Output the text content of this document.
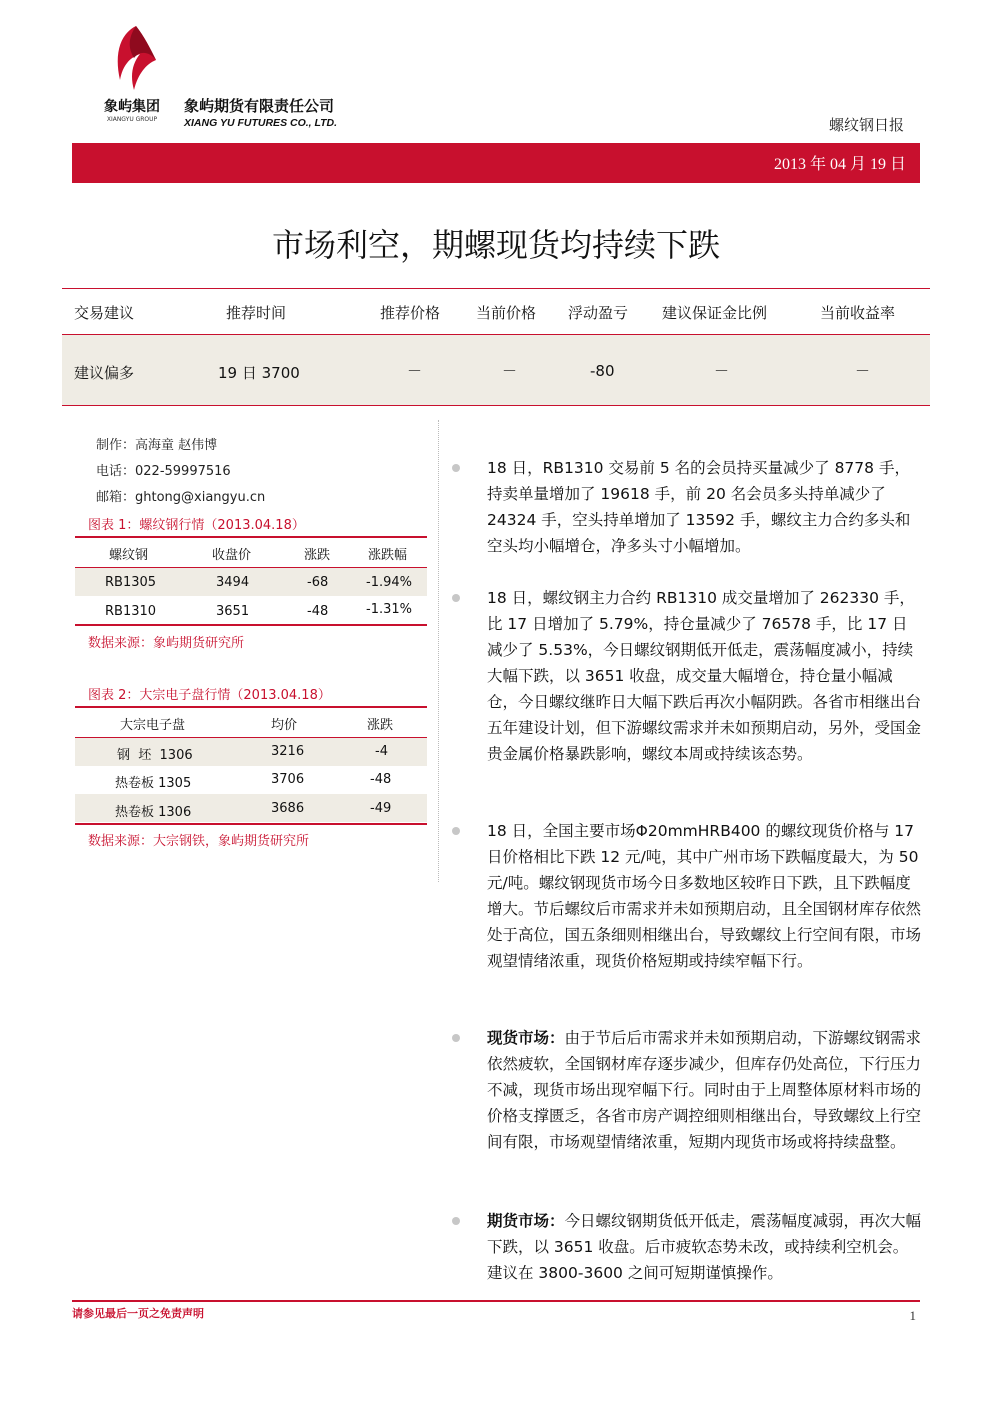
象屿集团
XIANGYU GROUP
象屿期货有限责任公司
XIANG YU FUTURES CO., LTD.	螺纹钢日报
2013 年 04 月 19 日
市场利空，期螺现货均持续下跌
交易建议	推荐时间	推荐价格 当前价格 浮动盈亏 建议保证金比例	当前收益率
建议偏多	19 日 3700	－	－	-80	－	－
制作：高海童 赵伟博
电话：022-59997516
邮箱：ghtong@xiangyu.cn
图表 1：螺纹钢行情（2013.04.18）
螺纹钢	收盘价	涨跌	涨跌幅
RB1305	3494	-68	-1.94%
RB1310	3651	-48	-1.31%
数据来源：象屿期货研究所
图表 2：大宗电子盘行情（2013.04.18）
大宗电子盘	均价	涨跌
钢  坯  1306	3216	-4
热卷板 1305	3706	-48
热卷板 1306	3686	-49
数据来源：大宗钢铁，象屿期货研究所

18 日，RB1310 交易前 5 名的会员持买量减少了 8778 手，持卖单量增加了 19618 手，前 20 名会员多头持单减少了 24324 手，空头持单增加了 13592 手，螺纹主力合约多头和空头均小幅增仓，净多头寸小幅增加。

18 日，螺纹钢主力合约 RB1310 成交量增加了 262330 手，比 17 日增加了 5.79%，持仓量减少了 76578 手，比 17 日减少了 5.53%，今日螺纹钢期低开低走，震荡幅度减小，持续大幅下跌，以 3651 收盘，成交量大幅增仓，持仓量小幅减仓，今日螺纹继昨日大幅下跌后再次小幅阴跌。各省市相继出台五年建设计划，但下游螺纹需求并未如预期启动，另外，受国金贵金属价格暴跌影响，螺纹本周或持续该态势。

18 日，全国主要市场Φ20mmHRB400 的螺纹现货价格与 17 日价格相比下跌 12 元/吨，其中广州市场下跌幅度最大，为 50 元/吨。螺纹钢现货市场今日多数地区较昨日下跌，且下跌幅度增大。节后螺纹后市需求并未如预期启动，且全国钢材库存依然处于高位，国五条细则相继出台，导致螺纹上行空间有限，市场观望情绪浓重，现货价格短期或持续窄幅下行。

现货市场：由于节后后市需求并未如预期启动，下游螺纹钢需求依然疲软，全国钢材库存逐步减少，但库存仍处高位，下行压力不减，现货市场出现窄幅下行。同时由于上周整体原材料市场的价格支撑匮乏，各省市房产调控细则相继出台，导致螺纹上行空间有限，市场观望情绪浓重，短期内现货市场或将持续盘整。

期货市场：今日螺纹钢期货低开低走，震荡幅度减弱，再次大幅下跌，以 3651 收盘。后市疲软态势未改，或持续利空机会。建议在 3800-3600 之间可短期谨慎操作。

请参见最后一页之免责声明	1
